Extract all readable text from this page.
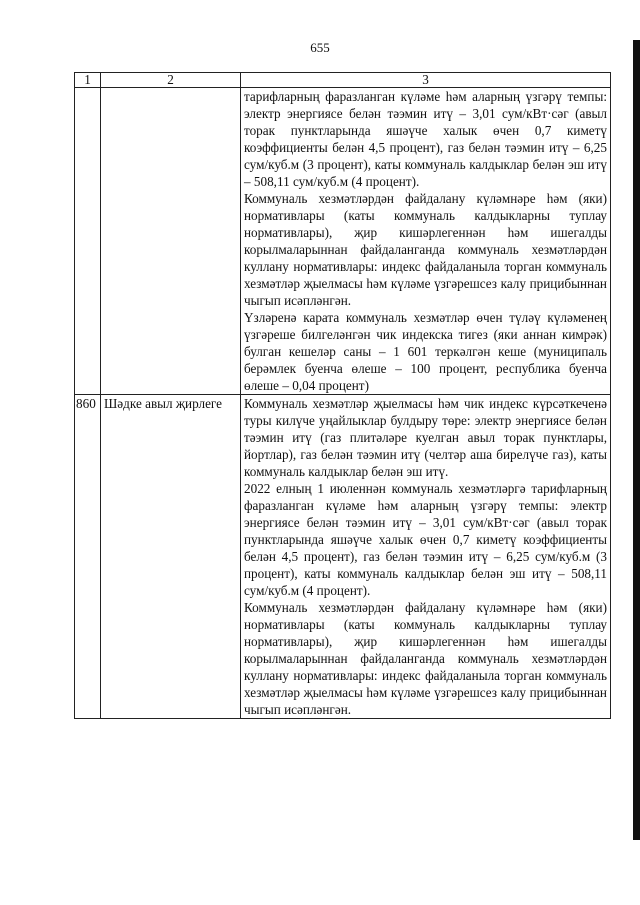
655
1	2	3

		тарифларның фаразланган күләме һәм аларның үзгәрү темпы: электр энергиясе белән тәэмин итү – 3,01 сум/кВт·сәг (авыл торак пунктларында яшәүче халык өчен 0,7 киметү коэффициенты белән 4,5 процент), газ белән тәэмин итү – 6,25 сум/куб.м (3 процент), каты коммуналь калдыклар белән эш итү – 508,11 сум/куб.м (4 процент).

Коммуналь хезмәтләрдән файдалану күләмнәре һәм (яки) нормативлары (каты коммуналь калдыкларны туплау нормативлары), җир кишәрлегеннән һәм ишегалды корылмаларыннан файдаланганда коммуналь хезмәтләрдән куллану нормативлары: индекс файдаланыла торган коммуналь хезмәтләр җыелмасы һәм күләме үзгәрешсез калу прицибыннан чыгып исәпләнгән.

Үзләренә карата коммуналь хезмәтләр өчен түләү күләменең үзгәреше билгеләнгән чик индекска тигез (яки аннан кимрәк) булган кешеләр саны – 1 601 теркәлгән кеше (муниципаль берәмлек буенча өлеше – 100 процент, республика буенча өлеше – 0,04 процент)

860	Шәдке авыл җирлеге	Коммуналь хезмәтләр җыелмасы һәм чик индекс күрсәткеченә туры килүче уңайлыклар булдыру төре: электр энергиясе белән тәэмин итү (газ плитәләре куелган авыл торак пунктлары, йортлар), газ белән тәэмин итү (челтәр аша бирелүче газ), каты коммуналь калдыклар белән эш итү.

2022 елның 1 июленнән коммуналь хезмәтләргә тарифларның фаразланган күләме һәм аларның үзгәрү темпы: электр энергиясе белән тәэмин итү – 3,01 сум/кВт·сәг (авыл торак пунктларында яшәүче халык өчен 0,7 киметү коэффициенты белән 4,5 процент), газ белән тәэмин итү – 6,25 сум/куб.м (3 процент), каты коммуналь калдыклар белән эш итү – 508,11 сум/куб.м (4 процент).

Коммуналь хезмәтләрдән файдалану күләмнәре һәм (яки) нормативлары (каты коммуналь калдыкларны туплау нормативлары), җир кишәрлегеннән һәм ишегалды корылмаларыннан файдаланганда коммуналь хезмәтләрдән куллану нормативлары: индекс файдаланыла торган коммуналь хезмәтләр җыелмасы һәм күләме үзгәрешсез калу прицибыннан чыгып исәпләнгән.
